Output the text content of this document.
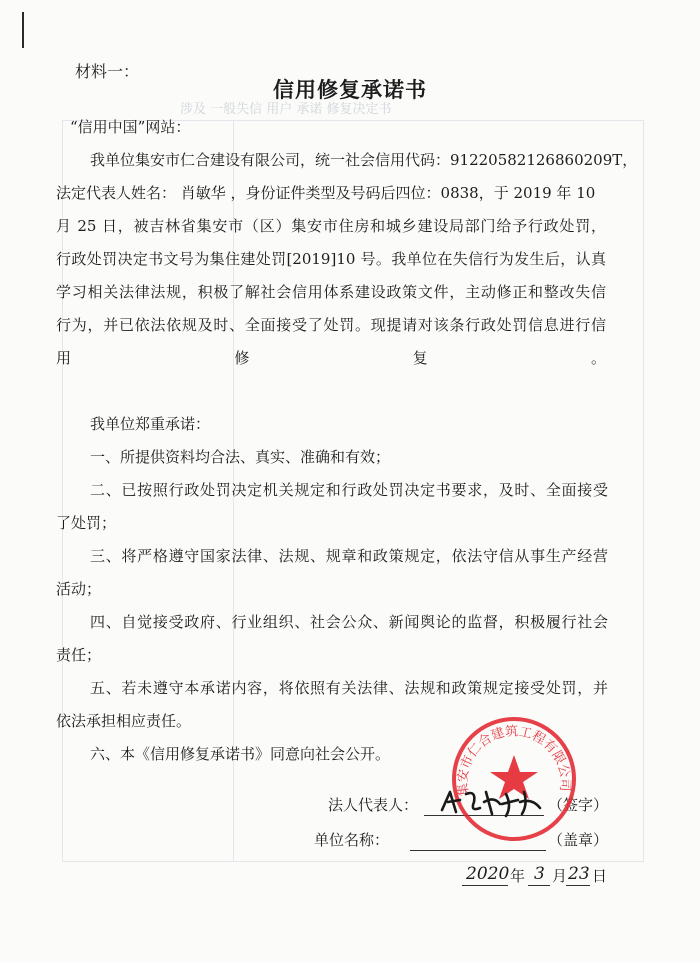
涉及 一般失信 用户 承诺 修复决定书
材料一：
信用修复承诺书
“信用中国”网站：
我单位集安市仁合建设有限公司，统一社会信用代码：91220582126860209T，
法定代表人姓名： 肖敏华 ，身份证件类型及号码后四位：0838，于 2019 年 10
月 25 日，被吉林省集安市（区）集安市住房和城乡建设局部门给予行政处罚，
行政处罚决定书文号为集住建处罚[2019]10 号。我单位在失信行为发生后，认真
学习相关法律法规，积极了解社会信用体系建设政策文件，主动修正和整改失信
行为，并已依法依规及时、全面接受了处罚。现提请对该条行政处罚信息进行信
用修复。
我单位郑重承诺：
一、所提供资料均合法、真实、准确和有效；
二、已按照行政处罚决定机关规定和行政处罚决定书要求，及时、全面接受
了处罚；
三、将严格遵守国家法律、法规、规章和政策规定，依法守信从事生产经营
活动；
四、自觉接受政府、行业组织、社会公众、新闻舆论的监督，积极履行社会
责任；
五、若未遵守本承诺内容，将依照有关法律、法规和政策规定接受处罚，并
依法承担相应责任。
六、本《信用修复承诺书》同意向社会公开。
法人代表人：	（签字）
单位名称：	（盖章）
2020 年 3 月 23 日
集安市仁合建筑工程有限公司
